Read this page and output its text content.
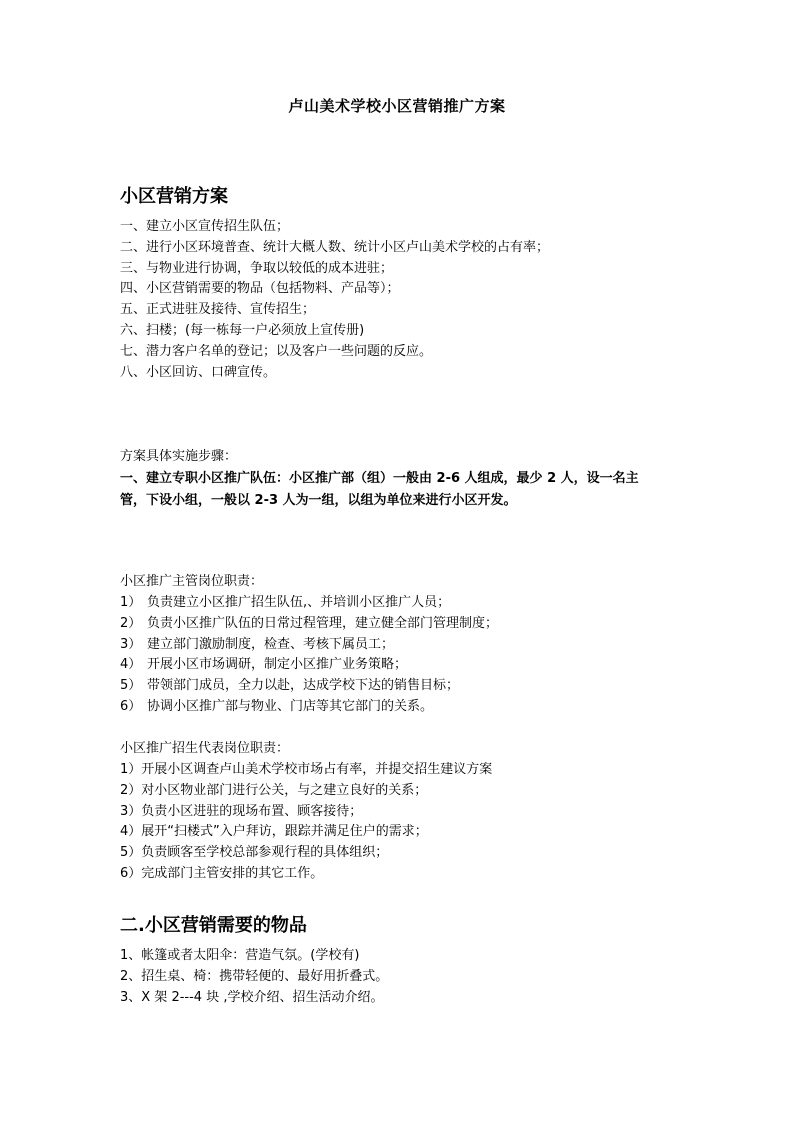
卢山美术学校小区营销推广方案
小区营销方案
一、建立小区宣传招生队伍；
二、进行小区环境普查、统计大概人数、统计小区卢山美术学校的占有率；
三、与物业进行协调，争取以较低的成本进驻；
四、小区营销需要的物品（包括物料、产品等）；
五、正式进驻及接待、宣传招生；
六、扫楼；(每一栋每一户必须放上宣传册)
七、潜力客户名单的登记；以及客户一些问题的反应。
八、小区回访、口碑宣传。
方案具体实施步骤：
一、建立专职小区推广队伍：小区推广部（组）一般由 2-6 人组成，最少 2 人，设一名主
管，下设小组，一般以 2-3 人为一组，以组为单位来进行小区开发。
小区推广主管岗位职责：
1） 负责建立小区推广招生队伍,、并培训小区推广人员；
2） 负责小区推广队伍的日常过程管理，建立健全部门管理制度；
3） 建立部门激励制度，检查、考核下属员工；
4） 开展小区市场调研，制定小区推广业务策略；
5） 带领部门成员，全力以赴，达成学校下达的销售目标；
6） 协调小区推广部与物业、门店等其它部门的关系。
小区推广招生代表岗位职责：
1）开展小区调查卢山美术学校市场占有率，并提交招生建议方案
2）对小区物业部门进行公关，与之建立良好的关系；
3）负责小区进驻的现场布置、顾客接待；
4）展开“扫楼式”入户拜访，跟踪并满足住户的需求；
5）负责顾客至学校总部参观行程的具体组织；
6）完成部门主管安排的其它工作。
二.小区营销需要的物品
1、帐篷或者太阳伞：营造气氛。(学校有)
2、招生桌、椅：携带轻便的、最好用折叠式。
3、X 架 2---4 块 ,学校介绍、招生活动介绍。
